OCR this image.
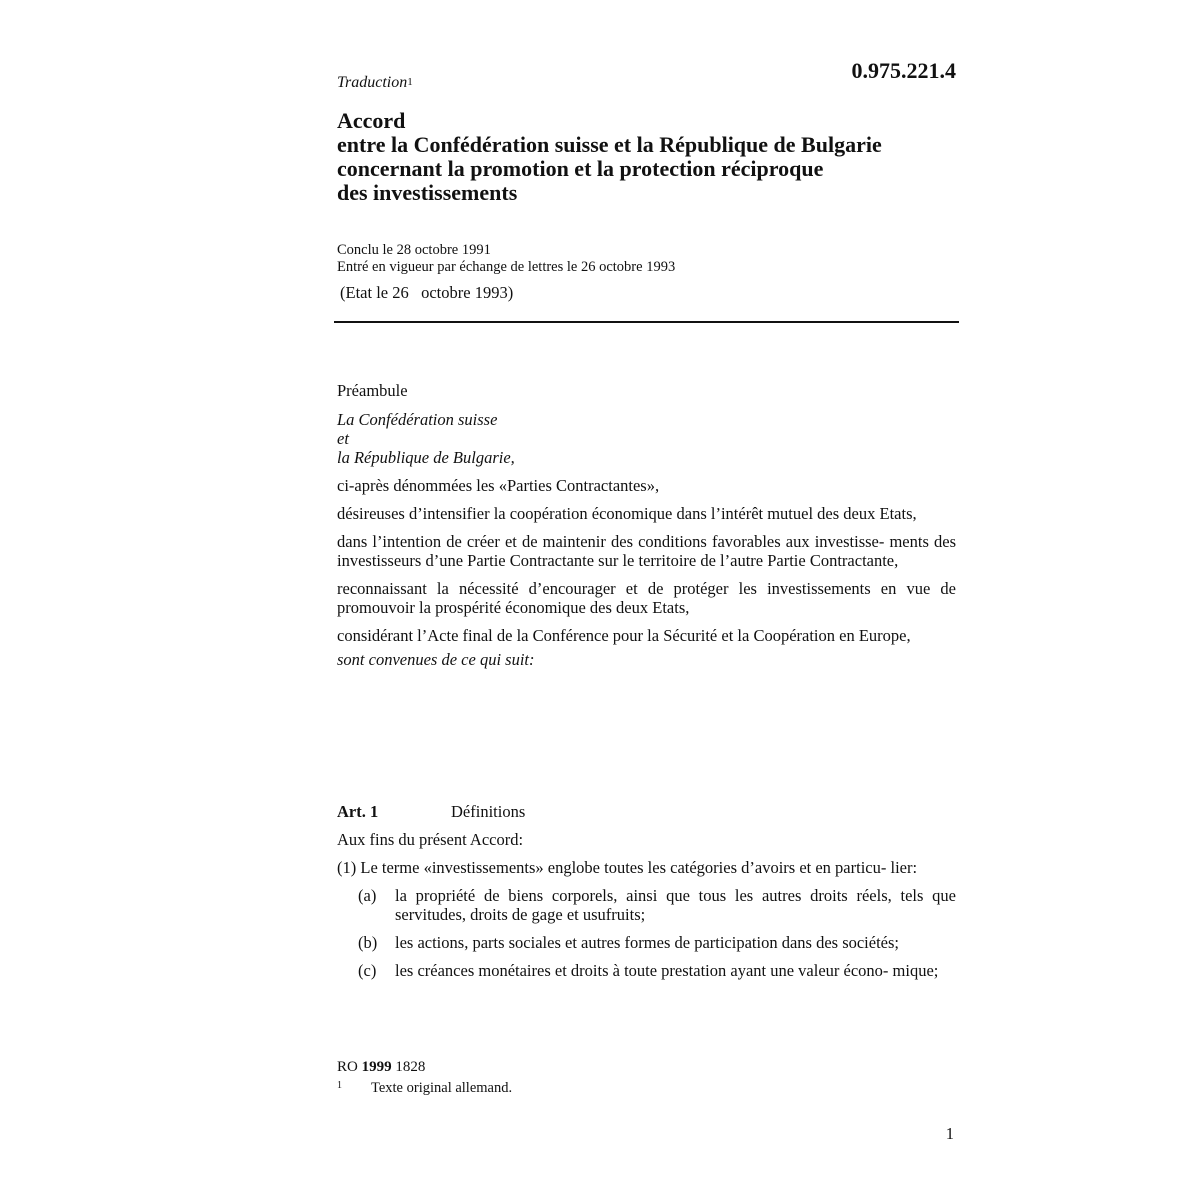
Traduction$^1$	0.975.221.4
Accord
entre la Confédération suisse et la République de Bulgarie
concernant la promotion et la protection réciproque
des investissements
Conclu le 28 octobre 1991
Entré en vigueur par échange de lettres le 26 octobre 1993
(Etat le 26   octobre 1993)

Préambule

La Confédération suisse

et

la République de Bulgarie,

ci-après dénommées les «Parties Contractantes»,

désireuses d’intensifier la coopération économique dans l’intérêt mutuel des deux Etats,

dans l’intention de créer et de maintenir des conditions favorables aux investisse- ments des investisseurs d’une Partie Contractante sur le territoire de l’autre Partie Contractante,

reconnaissant la nécessité d’encourager et de protéger les investissements en vue de promouvoir la prospérité économique des deux Etats,

considérant l’Acte final de la Conférence pour la Sécurité et la Coopération en Europe,

sont convenues de ce qui suit:

Art. 1	Définitions

Aux fins du présent Accord:

(1) Le terme «investissements» englobe toutes les catégories d’avoirs et en particu- lier:

(a) la propriété de biens corporels, ainsi que tous les autres droits réels, tels que servitudes, droits de gage et usufruits;
(b) les actions, parts sociales et autres formes de participation dans des sociétés;
(c) les créances monétaires et droits à toute prestation ayant une valeur écono- mique;
RO 1999 1828
1 Texte original allemand.
1
